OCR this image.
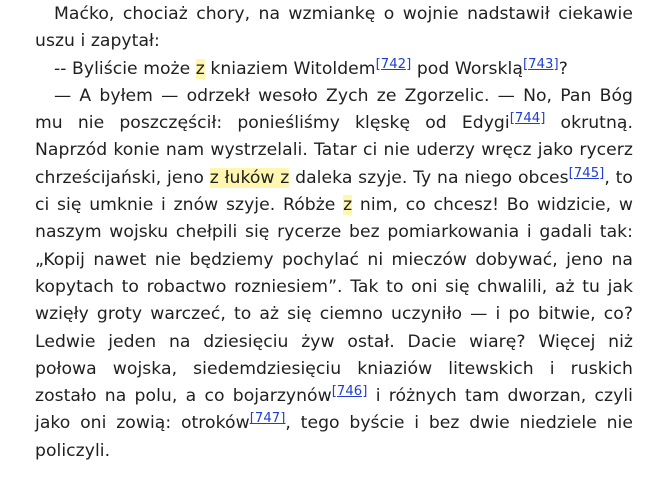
Maćko, chociaż chory, na wzmiankę o wojnie nadstawił ciekawie uszu i zapytał:

-- Byliście może z kniaziem Witoldem[742] pod Worsklą[743]?

— A byłem — odrzekł wesoło Zych ze Zgorzelic. — No, Pan Bóg mu nie poszczęścił: ponieśliśmy klęskę od Edygi[744] okrutną. Naprzód konie nam wystrzelali. Tatar ci nie uderzy wręcz jako rycerz chrześcijański, jeno z łuków z daleka szyje. Ty na niego obces[745], to ci się umknie i znów szyje. Róbże z nim, co chcesz! Bo widzicie, w naszym wojsku chełpili się rycerze bez pomiarkowania i gadali tak: „Kopij nawet nie będziemy pochylać ni mieczów dobywać, jeno na kopytach to robactwo rozniesiem”. Tak to oni się chwalili, aż tu jak wzięły groty warczeć, to aż się ciemno uczyniło — i po bitwie, co? Ledwie jeden na dziesięciu żyw ostał. Dacie wiarę? Więcej niż połowa wojska, siedemdziesięciu kniaziów litewskich i ruskich zostało na polu, a co bojarzynów[746] i różnych tam dworzan, czyli jako oni zowią: otroków[747], tego byście i bez dwie niedziele nie policzyli.
